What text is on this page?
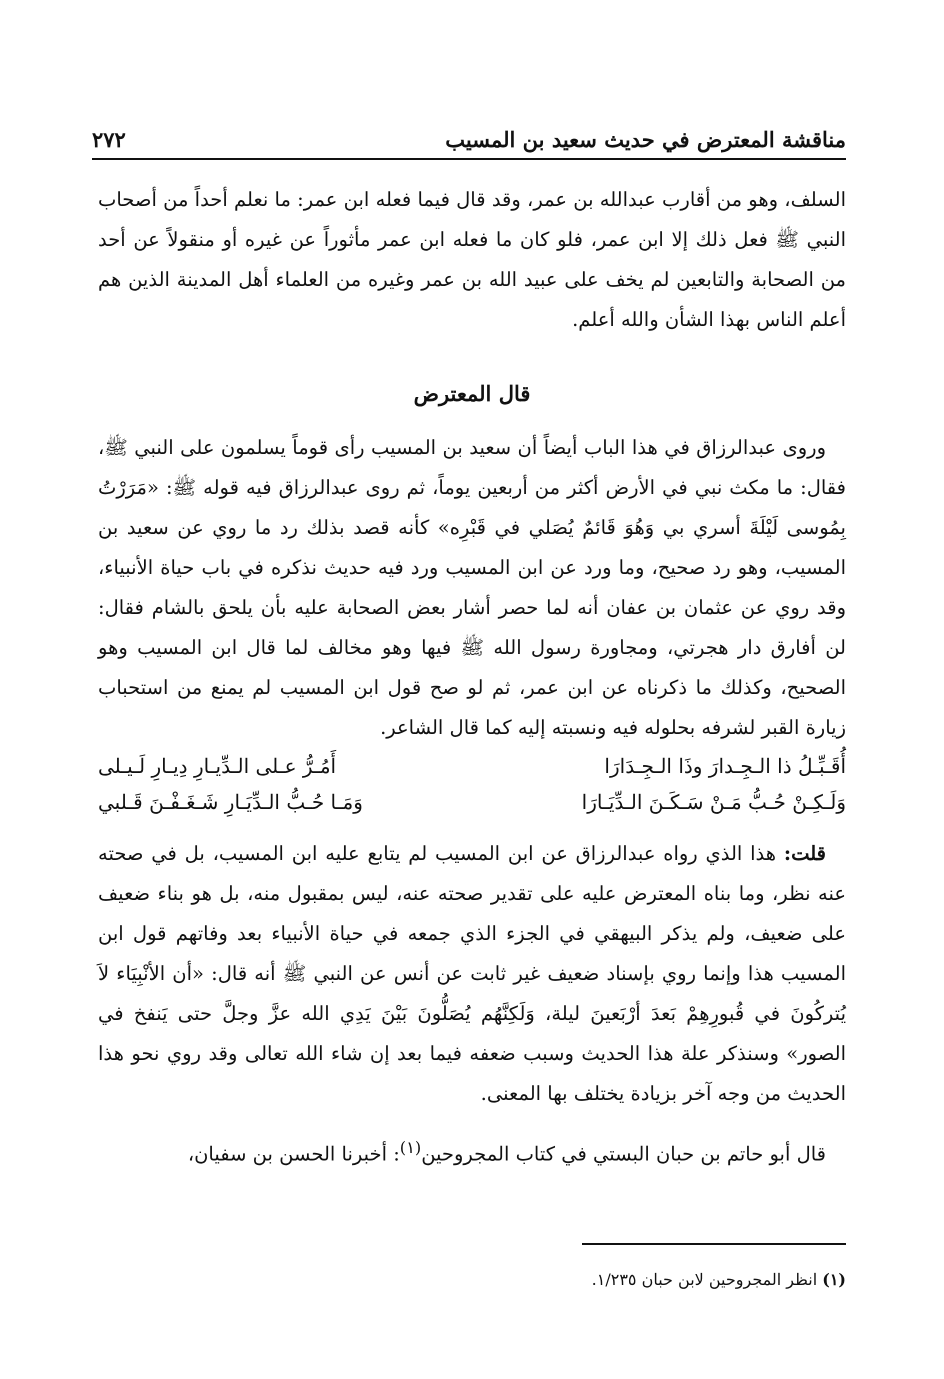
مناقشة المعترض في حديث سعيد بن المسيب
٢٧٢

السلف، وهو من أقارب عبدالله بن عمر، وقد قال فيما فعله ابن عمر: ما نعلم أحداً من أصحاب النبي ﷺ فعل ذلك إلا ابن عمر، فلو كان ما فعله ابن عمر مأثوراً عن غيره أو منقولاً عن أحد من الصحابة والتابعين لم يخف على عبيد الله بن عمر وغيره من العلماء أهل المدينة الذين هم أعلم الناس بهذا الشأن والله أعلم.

قال المعترض

وروى عبدالرزاق في هذا الباب أيضاً أن سعيد بن المسيب رأى قوماً يسلمون على النبي ﷺ، فقال: ما مكث نبي في الأرض أكثر من أربعين يوماً، ثم روى عبدالرزاق فيه قوله ﷺ: «مَرَرْتُ بِمُوسى لَيْلَةَ أسري بي وَهُوَ قَائمٌ يُصَلي في قَبْرِه» كأنه قصد بذلك رد ما روي عن سعيد بن المسيب، وهو رد صحيح، وما ورد عن ابن المسيب ورد فيه حديث نذكره في باب حياة الأنبياء، وقد روي عن عثمان بن عفان أنه لما حصر أشار بعض الصحابة عليه بأن يلحق بالشام فقال: لن أفارق دار هجرتي، ومجاورة رسول الله ﷺ فيها وهو مخالف لما قال ابن المسيب وهو الصحيح، وكذلك ما ذكرناه عن ابن عمر، ثم لو صح قول ابن المسيب لم يمنع من استحباب زيارة القبر لشرفه بحلوله فيه ونسبته إليه كما قال الشاعر.

أُقَـبِّـلُ ذا الـجِـدارَ وذَا الـجِـدَارَا
أَمُـرُّ عـلى الـدِّيـارِ دِيـارِ لَـيـلى
وَلَـكِـنْ حُـبُّ مَـنْ سَـكَـنَ الـدِّيَـارَا
وَمَـا حُـبُّ الـدِّيَـارِ شَـغَـفْـنَ قَـلبي

قلت: هذا الذي رواه عبدالرزاق عن ابن المسيب لم يتابع عليه ابن المسيب، بل في صحته عنه نظر، وما بناه المعترض عليه على تقدير صحته عنه، ليس بمقبول منه، بل هو بناء ضعيف على ضعيف، ولم يذكر البيهقي في الجزء الذي جمعه في حياة الأنبياء بعد وفاتهم قول ابن المسيب هذا وإنما روي بإسناد ضعيف غير ثابت عن أنس عن النبي ﷺ أنه قال: «أن الأنْبِيَاء لاَ يُتركُونَ في قُبورِهِمْ بَعدَ أرْبَعينَ ليلة، وَلَكِنَّهُم يُصَلُّونَ بَيْنَ يَدِي الله عزَّ وجلَّ حتى يَنفخ في الصور» وسنذكر علة هذا الحديث وسبب ضعفه فيما بعد إن شاء الله تعالى وقد روي نحو هذا الحديث من وجه آخر بزيادة يختلف بها المعنى.

قال أبو حاتم بن حبان البستي في كتاب المجروحين$^{(١)}$: أخبرنا الحسن بن سفيان،

(١) انظر المجروحين لابن حبان ١/٢٣٥.
